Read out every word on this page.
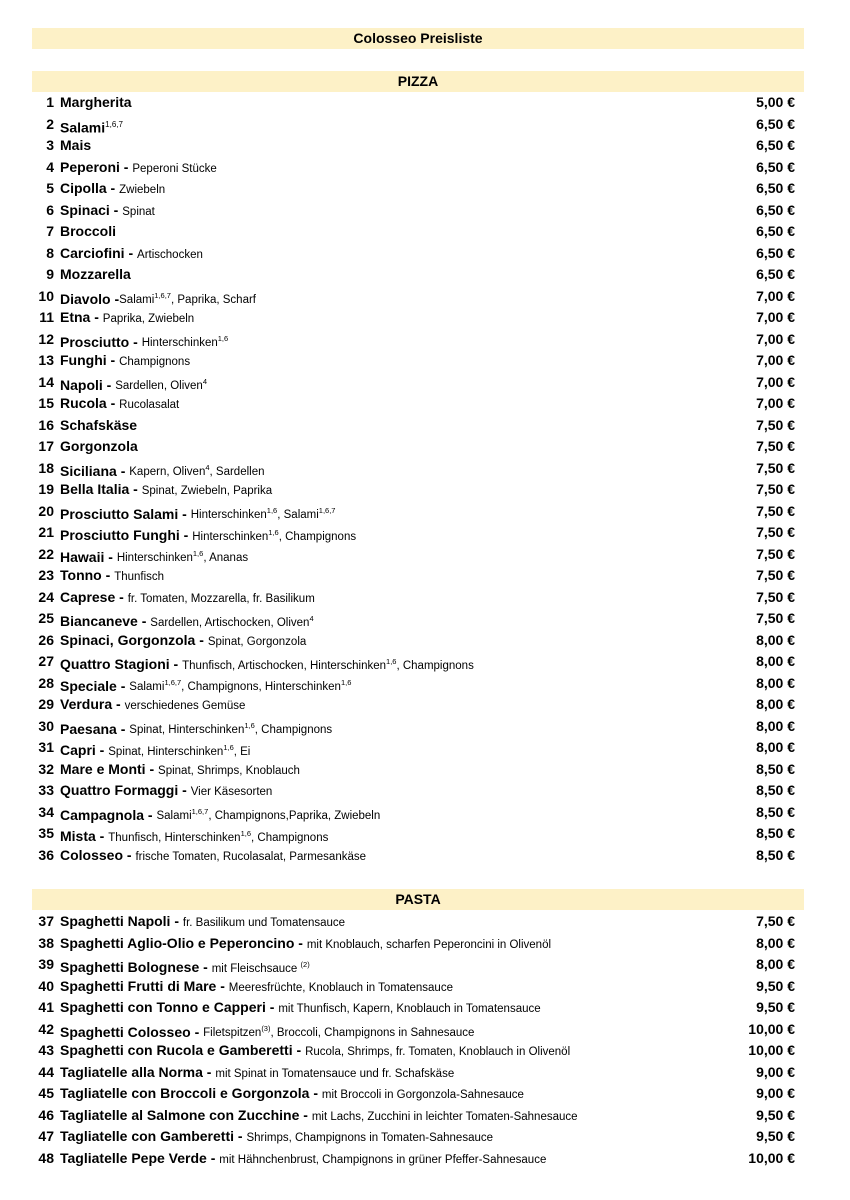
Colosseo Preisliste
PIZZA
1 Margherita	5,00 €
2 Salami$^{1,6,7}$	6,50 €
3 Mais	6,50 €
4 Peperoni - Peperoni Stücke	6,50 €
5 Cipolla - Zwiebeln	6,50 €
6 Spinaci - Spinat	6,50 €
7 Broccoli	6,50 €
8 Carciofini - Artischocken	6,50 €
9 Mozzarella	6,50 €
10 Diavolo -Salami$^{1,6,7}$, Paprika, Scharf	7,00 €
11 Etna - Paprika, Zwiebeln	7,00 €
12 Prosciutto - Hinterschinken$^{1,6}$	7,00 €
13 Funghi - Champignons	7,00 €
14 Napoli - Sardellen, Oliven$^4$	7,00 €
15 Rucola - Rucolasalat	7,00 €
16 Schafskäse	7,50 €
17 Gorgonzola	7,50 €
18 Siciliana - Kapern, Oliven$^4$, Sardellen	7,50 €
19 Bella Italia - Spinat, Zwiebeln, Paprika	7,50 €
20 Prosciutto Salami - Hinterschinken$^{1,6}$, Salami$^{1,6,7}$	7,50 €
21 Prosciutto Funghi - Hinterschinken$^{1,6}$, Champignons	7,50 €
22 Hawaii - Hinterschinken$^{1,6}$, Ananas	7,50 €
23 Tonno - Thunfisch	7,50 €
24 Caprese - fr. Tomaten, Mozzarella, fr. Basilikum	7,50 €
25 Biancaneve - Sardellen, Artischocken, Oliven$^4$	7,50 €
26 Spinaci, Gorgonzola - Spinat, Gorgonzola	8,00 €
27 Quattro Stagioni - Thunfisch, Artischocken, Hinterschinken$^{1,6}$, Champignons	8,00 €
28 Speciale - Salami$^{1,6,7}$, Champignons, Hinterschinken$^{1,6}$	8,00 €
29 Verdura - verschiedenes Gemüse	8,00 €
30 Paesana - Spinat, Hinterschinken$^{1,6}$, Champignons	8,00 €
31 Capri - Spinat, Hinterschinken$^{1,6}$, Ei	8,00 €
32 Mare e Monti - Spinat, Shrimps, Knoblauch	8,50 €
33 Quattro Formaggi - Vier Käsesorten	8,50 €
34 Campagnola - Salami$^{1,6,7}$, Champignons,Paprika, Zwiebeln	8,50 €
35 Mista - Thunfisch, Hinterschinken$^{1,6}$, Champignons	8,50 €
36 Colosseo - frische Tomaten, Rucolasalat, Parmesankäse	8,50 €
PASTA
37 Spaghetti Napoli - fr. Basilikum und Tomatensauce	7,50 €
38 Spaghetti Aglio-Olio e Peperoncino - mit Knoblauch, scharfen Peperoncini in Olivenöl	8,00 €
39 Spaghetti Bolognese - mit Fleischsauce $^{(2)}$	8,00 €
40 Spaghetti Frutti di Mare - Meeresfrüchte, Knoblauch in Tomatensauce	9,50 €
41 Spaghetti con Tonno e Capperi - mit Thunfisch, Kapern, Knoblauch in Tomatensauce	9,50 €
42 Spaghetti Colosseo - Filetspitzen$^{(3)}$, Broccoli, Champignons in Sahnesauce	10,00 €
43 Spaghetti con Rucola e Gamberetti - Rucola, Shrimps, fr. Tomaten, Knoblauch in Olivenöl	10,00 €
44 Tagliatelle alla Norma - mit Spinat in Tomatensauce und fr. Schafskäse	9,00 €
45 Tagliatelle con Broccoli e Gorgonzola - mit Broccoli in Gorgonzola-Sahnesauce	9,00 €
46 Tagliatelle al Salmone con Zucchine - mit Lachs, Zucchini in leichter Tomaten-Sahnesauce	9,50 €
47 Tagliatelle con Gamberetti - Shrimps, Champignons in Tomaten-Sahnesauce	9,50 €
48 Tagliatelle Pepe Verde - mit Hähnchenbrust, Champignons in grüner Pfeffer-Sahnesauce	10,00 €
